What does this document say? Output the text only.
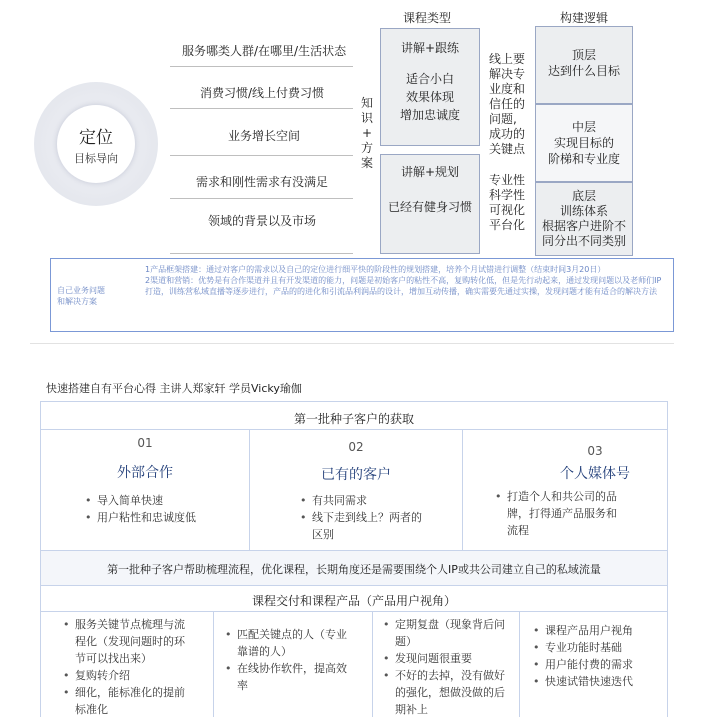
定位
目标导向
服务哪类人群/在哪里/生活状态
消费习惯/线上付费习惯
业务增长空间
需求和刚性需求有没满足
领域的背景以及市场
知
识
+
方
案
课程类型
讲解+跟练
适合小白
效果体现
增加忠诚度
讲解+规划
已经有健身习惯
线上要
解决专
业度和
信任的
问题,
成功的
关键点
专业性
科学性
可视化
平台化
构建逻辑
顶层
达到什么目标
中层
实现目标的
阶梯和专业度
底层
训练体系
根据客户进阶不
同分出不同类别
自己业务问题
和解决方案
1产品框架搭建：通过对客户的需求以及自己的定位进行细平快的阶段性的规划搭建，培养个月试错进行调整（结束时间3月20日）
2渠道和营销：优势是有合作渠道并且有开发渠道的能力，问题是初始客户的粘性不高，复购转化低，但是先行动起来，通过发现问题以及老师们IP打造，训练营私域直播等逐步进行，产品的的进化和引流品利润品的设计，增加互动传播，确实需要先通过实操，发现问题才能有适合的解决方法
快速搭建自有平台心得 主讲人郑家轩 学员Vicky瑜伽
第一批种子客户的获取
01
外部合作
• 导入简单快速
• 用户粘性和忠诚度低
02
已有的客户
• 有共同需求
• 线下走到线上？两者的
区别
03
个人媒体号
• 打造个人和共公司的品
牌，打得通产品服务和
流程
第一批种子客户帮助梳理流程，优化课程，长期角度还是需要围绕个人IP或共公司建立自己的私域流量
课程交付和课程产品（产品用户视角）
• 服务关键节点梳理与流
程化（发现问题时的环
节可以找出来）
• 复购转介绍
• 细化，能标准化的提前
标准化
• 匹配关键点的人（专业
靠谱的人）
• 在线协作软件，提高效
率
• 定期复盘（现象背后问
题）
• 发现问题很重要
• 不好的去掉，没有做好
的强化，想做没做的后
期补上
• 课程产品用户视角
• 专业功能时基础
• 用户能付费的需求
• 快速试错快速迭代
